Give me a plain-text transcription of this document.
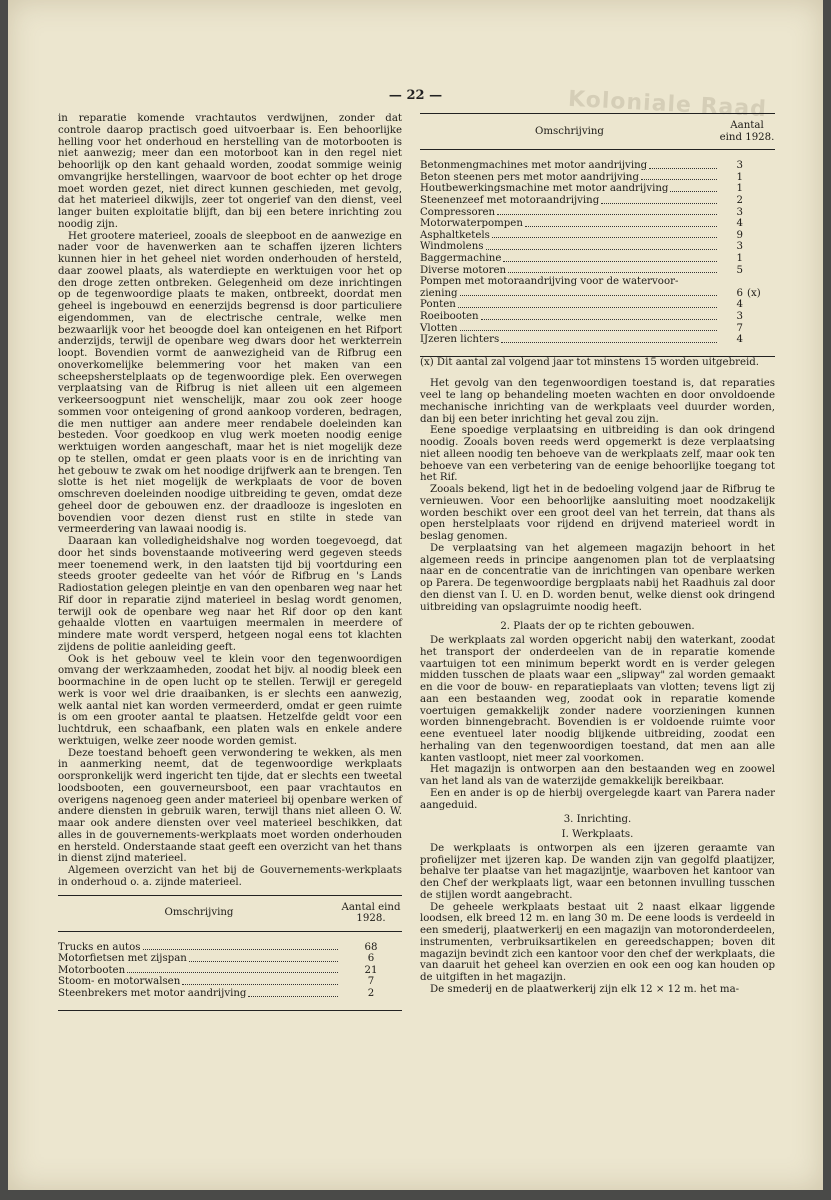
Koloniale Raad
— 22 —

in reparatie komende vrachtautos verdwijnen, zonder dat controle daarop practisch goed uitvoerbaar is. Een behoorlijke helling voor het onderhoud en herstelling van de motorbooten is niet aanwezig; meer dan een motorboot kan in den regel niet behoorlijk op den kant gehaald worden, zoodat sommige weinig omvangrijke herstellingen, waarvoor de boot echter op het droge moet worden gezet, niet direct kunnen geschieden, met gevolg, dat het materieel dikwijls, zeer tot ongerief van den dienst, veel langer buiten exploitatie blijft, dan bij een betere inrichting zou noodig zijn.

Het grootere materieel, zooals de sleepboot en de aanwezige en nader voor de havenwerken aan te schaffen ijzeren lichters kunnen hier in het geheel niet worden onderhouden of hersteld, daar zoowel plaats, als waterdiepte en werktuigen voor het op den droge zetten ontbreken. Gelegenheid om deze inrichtingen op de tegenwoordige plaats te maken, ontbreekt, doordat men geheel is ingebouwd en eenerzijds begrensd is door particuliere eigendommen, van de electrische centrale, welke men bezwaarlijk voor het beoogde doel kan onteigenen en het Rifport anderzijds, terwijl de openbare weg dwars door het werkterrein loopt. Bovendien vormt de aanwezigheid van de Rifbrug een onoverkomelijke belemmering voor het maken van een scheepsherstelplaats op de tegenwoordige plek. Een overwegen verplaatsing van de Rifbrug is niet alleen uit een algemeen verkeersoogpunt niet wenschelijk, maar zou ook zeer hooge sommen voor onteigening of grond aankoop vorderen, bedragen, die men nuttiger aan andere meer rendabele doeleinden kan besteden. Voor goedkoop en vlug werk moeten noodig eenige werktuigen worden aangeschaft, maar het is niet mogelijk deze op te stellen, omdat er geen plaats voor is en de inrichting van het gebouw te zwak om het noodige drijfwerk aan te brengen. Ten slotte is het niet mogelijk de werkplaats de voor de boven omschreven doeleinden noodige uitbreiding te geven, omdat deze geheel door de gebouwen enz. der draadlooze is ingesloten en bovendien voor dezen dienst rust en stilte in stede van vermeerdering van lawaai noodig is.

Daaraan kan volledigheidshalve nog worden toegevoegd, dat door het sinds bovenstaande motiveering werd gegeven steeds meer toenemend werk, in den laatsten tijd bij voortduring een steeds grooter gedeelte van het vóór de Rifbrug en 's Lands Radiostation gelegen pleintje en van den openbaren weg naar het Rif door in reparatie zijnd materieel in beslag wordt genomen, terwijl ook de openbare weg naar het Rif door op den kant gehaalde vlotten en vaartuigen meermalen in meerdere of mindere mate wordt versperd, hetgeen nogal eens tot klachten zijdens de politie aanleiding geeft.

Ook is het gebouw veel te klein voor den tegenwoordigen omvang der werkzaamheden, zoodat het bijv. al noodig bleek een boormachine in de open lucht op te stellen. Terwijl er geregeld werk is voor wel drie draaibanken, is er slechts een aanwezig, welk aantal niet kan worden vermeerderd, omdat er geen ruimte is om een grooter aantal te plaatsen. Hetzelfde geldt voor een luchtdruk, een schaafbank, een platen wals en enkele andere werktuigen, welke zeer noode worden gemist.

Deze toestand behoeft geen verwondering te wekken, als men in aanmerking neemt, dat de tegenwoordige werkplaats oorspronkelijk werd ingericht ten tijde, dat er slechts een tweetal loodsbooten, een gouverneursboot, een paar vrachtautos en overigens nagenoeg geen ander materieel bij openbare werken of andere diensten in gebruik waren, terwijl thans niet alleen O. W. maar ook andere diensten over veel materieel beschikken, dat alles in de gouvernements-werkplaats moet worden onderhouden en hersteld. Onderstaande staat geeft een overzicht van het thans in dienst zijnd materieel.

Algemeen overzicht van het bij de Gouvernements-werkplaats in onderhoud o. a. zijnde materieel.

Omschrijving	Aantal eind 1928.

Trucks en autos	68

Motorfietsen met zijspan	6

Motorbooten	21

Stoom- en motorwalsen	7

Steenbrekers met motor aandrijving	2

Omschrijving	Aantal eind 1928.	

Betonmengmachines met motor aandrijving	3	

Beton steenen pers met motor aandrijving	1	

Houtbewerkingsmachine met motor aandrijving	1	

Steenenzeef met motoraandrijving	2	

Compressoren	3	

Motorwaterpompen	4	

Asphaltketels	9	

Windmolens	3	

Baggermachine	1	

Diverse motoren	5	

Pompen met motoraandrijving voor de watervoor-		

ziening	6	(x)

Ponten	4	

Roeibooten	3	

Vlotten	7	

IJzeren lichters	4	

(x) Dit aantal zal volgend jaar tot minstens 15 worden uitgebreid.

Het gevolg van den tegenwoordigen toestand is, dat reparaties veel te lang op behandeling moeten wachten en door onvoldoende mechanische inrichting van de werkplaats veel duurder worden, dan bij een beter inrichting het geval zou zijn.

Eene spoedige verplaatsing en uitbreiding is dan ook dringend noodig. Zooals boven reeds werd opgemerkt is deze verplaatsing niet alleen noodig ten behoeve van de werkplaats zelf, maar ook ten behoeve van een verbetering van de eenige behoorlijke toegang tot het Rif.

Zooals bekend, ligt het in de bedoeling volgend jaar de Rifbrug te vernieuwen. Voor een behoorlijke aansluiting moet noodzakelijk worden beschikt over een groot deel van het terrein, dat thans als open herstelplaats voor rijdend en drijvend materieel wordt in beslag genomen.

De verplaatsing van het algemeen magazijn behoort in het algemeen reeds in principe aangenomen plan tot de verplaatsing naar en de concentratie van de inrichtingen van openbare werken op Parera. De tegenwoordige bergplaats nabij het Raadhuis zal door den dienst van I. U. en D. worden benut, welke dienst ook dringend uitbreiding van opslagruimte noodig heeft.

2. Plaats der op te richten gebouwen.

De werkplaats zal worden opgericht nabij den waterkant, zoodat het transport der onderdeelen van de in reparatie komende vaartuigen tot een minimum beperkt wordt en is verder gelegen midden tusschen de plaats waar een „slipway" zal worden gemaakt en die voor de bouw- en reparatieplaats van vlotten; tevens ligt zij aan een bestaanden weg, zoodat ook in reparatie komende voertuigen gemakkelijk zonder nadere voorzieningen kunnen worden binnengebracht. Bovendien is er voldoende ruimte voor eene eventueel later noodig blijkende uitbreiding, zoodat een herhaling van den tegenwoordigen toestand, dat men aan alle kanten vastloopt, niet meer zal voorkomen.

Het magazijn is ontworpen aan den bestaanden weg en zoowel van het land als van de waterzijde gemakkelijk bereikbaar.

Een en ander is op de hierbij overgelegde kaart van Parera nader aangeduid.

3. Inrichting.

I. Werkplaats.

De werkplaats is ontworpen als een ijzeren geraamte van profielijzer met ijzeren kap. De wanden zijn van gegolfd plaatijzer, behalve ter plaatse van het magazijntje, waarboven het kantoor van den Chef der werkplaats ligt, waar een betonnen invulling tusschen de stijlen wordt aangebracht.

De geheele werkplaats bestaat uit 2 naast elkaar liggende loodsen, elk breed 12 m. en lang 30 m. De eene loods is verdeeld in een smederij, plaatwerkerij en een magazijn van motoronderdeelen, instrumenten, verbruiksartikelen en gereedschappen; boven dit magazijn bevindt zich een kantoor voor den chef der werkplaats, die van daaruit het geheel kan overzien en ook een oog kan houden op de uitgiften in het magazijn.

De smederij en de plaatwerkerij zijn elk 12 × 12 m. het ma-
